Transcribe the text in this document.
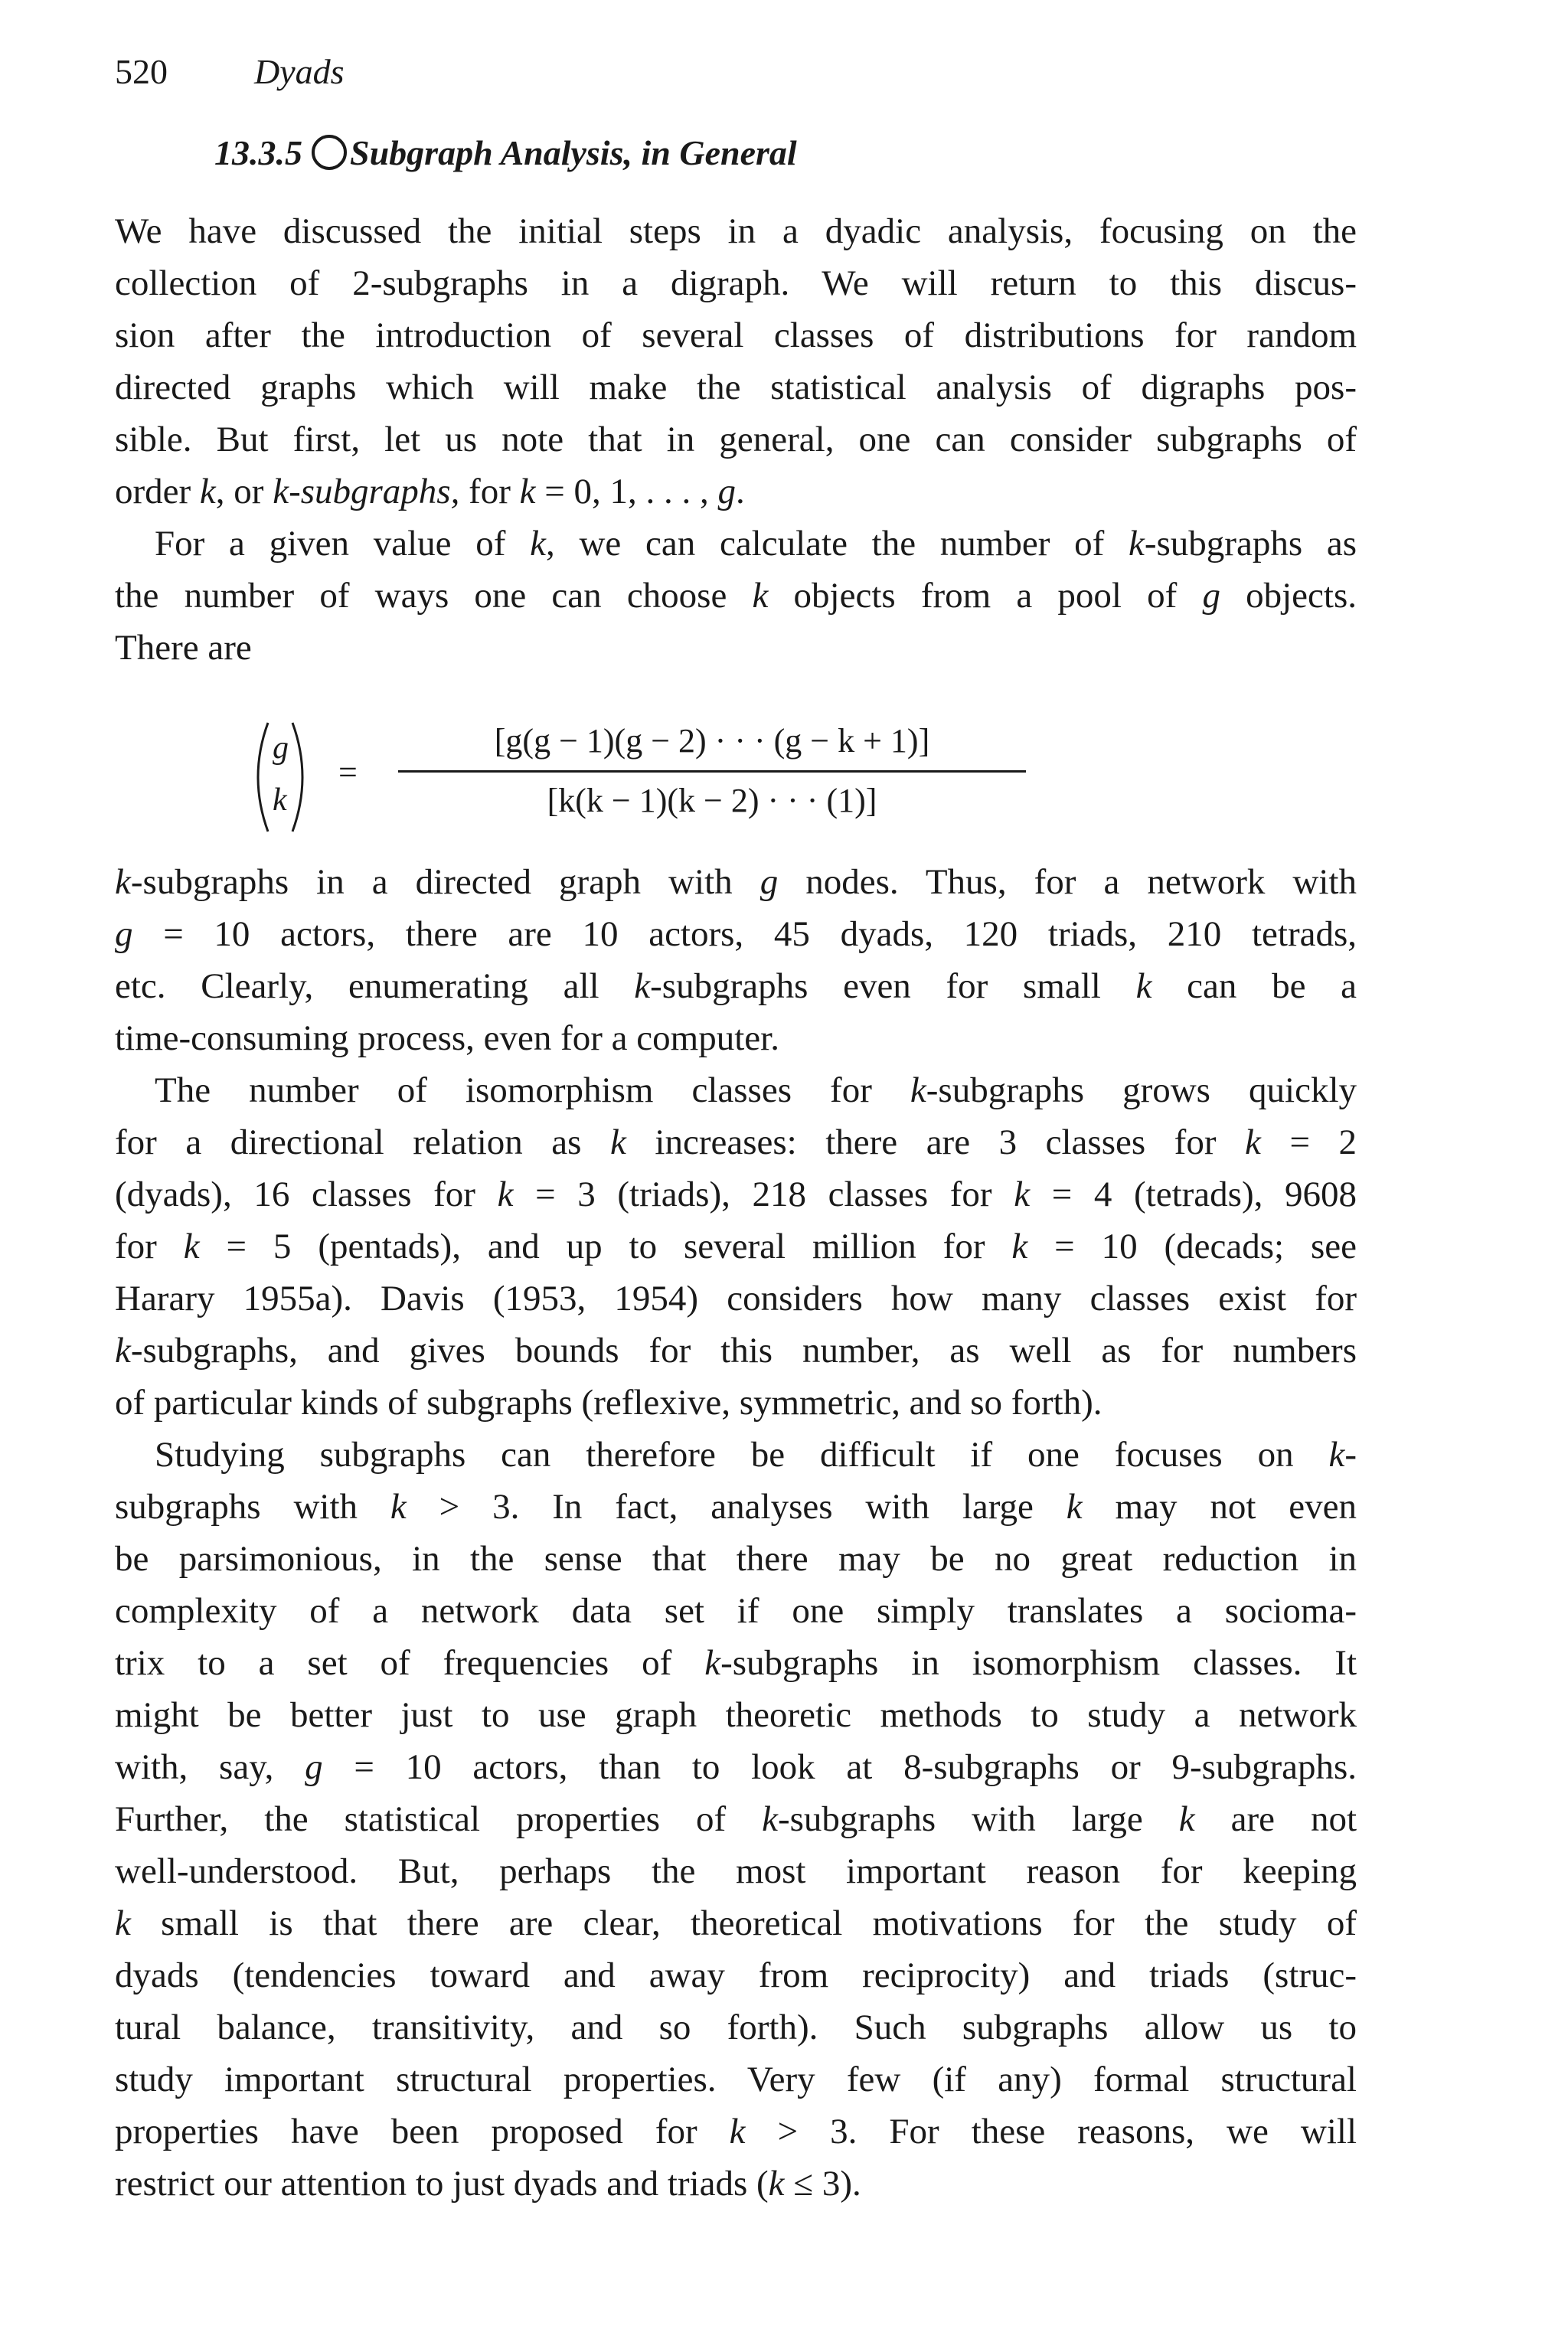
520 Dyads
13.3.5 Subgraph Analysis, in General
We have discussed the initial steps in a dyadic analysis, focusing on the
collection of 2-subgraphs in a digraph. We will return to this discus-
sion after the introduction of several classes of distributions for random
directed graphs which will make the statistical analysis of digraphs pos-
sible. But first, let us note that in general, one can consider subgraphs of
order k, or k-subgraphs, for k = 0, 1, . . . , g.
For a given value of k, we can calculate the number of k-subgraphs as
the number of ways one can choose k objects from a pool of g objects.
There are
g
k
=
[g(g − 1)(g − 2) · · · (g − k + 1)]
[k(k − 1)(k − 2) · · · (1)]
k-subgraphs in a directed graph with g nodes. Thus, for a network with
g = 10 actors, there are 10 actors, 45 dyads, 120 triads, 210 tetrads,
etc. Clearly, enumerating all k-subgraphs even for small k can be a
time-consuming process, even for a computer.
The number of isomorphism classes for k-subgraphs grows quickly
for a directional relation as k increases: there are 3 classes for k = 2
(dyads), 16 classes for k = 3 (triads), 218 classes for k = 4 (tetrads), 9608
for k = 5 (pentads), and up to several million for k = 10 (decads; see
Harary 1955a). Davis (1953, 1954) considers how many classes exist for
k-subgraphs, and gives bounds for this number, as well as for numbers
of particular kinds of subgraphs (reflexive, symmetric, and so forth).
Studying subgraphs can therefore be difficult if one focuses on k-
subgraphs with k > 3. In fact, analyses with large k may not even
be parsimonious, in the sense that there may be no great reduction in
complexity of a network data set if one simply translates a socioma-
trix to a set of frequencies of k-subgraphs in isomorphism classes. It
might be better just to use graph theoretic methods to study a network
with, say, g = 10 actors, than to look at 8-subgraphs or 9-subgraphs.
Further, the statistical properties of k-subgraphs with large k are not
well-understood. But, perhaps the most important reason for keeping
k small is that there are clear, theoretical motivations for the study of
dyads (tendencies toward and away from reciprocity) and triads (struc-
tural balance, transitivity, and so forth). Such subgraphs allow us to
study important structural properties. Very few (if any) formal structural
properties have been proposed for k > 3. For these reasons, we will
restrict our attention to just dyads and triads (k ≤ 3).
